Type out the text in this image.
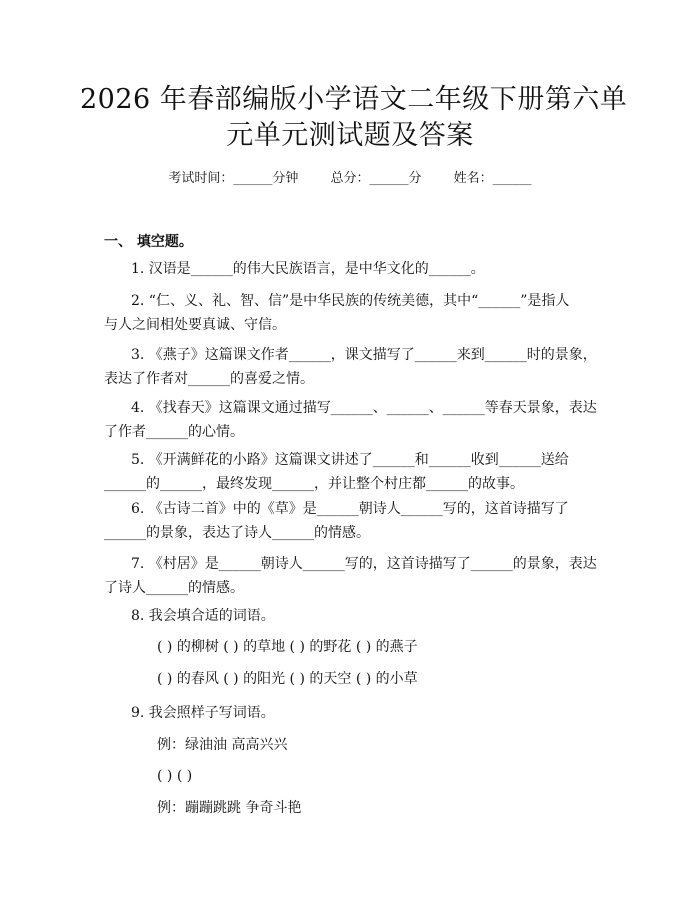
2026 年春部编版小学语文二年级下册第六单
元单元测试题及答案
考试时间：______分钟 总分：______分 姓名：______
一、 填空题。
1. 汉语是______的伟大民族语言，是中华文化的______。
2. “仁、义、礼、智、信”是中华民族的传统美德，其中“______”是指人
与人之间相处要真诚、守信。
3. 《燕子》这篇课文作者______，课文描写了______来到______时的景象，
表达了作者对______的喜爱之情。
4. 《找春天》这篇课文通过描写______、______、______等春天景象，表达
了作者______的心情。
5. 《开满鲜花的小路》这篇课文讲述了______和______收到______送给
______的______，最终发现______，并让整个村庄都______的故事。
6. 《古诗二首》中的《草》是______朝诗人______写的，这首诗描写了
______的景象，表达了诗人______的情感。
7. 《村居》是______朝诗人______写的，这首诗描写了______的景象，表达
了诗人______的情感。
8. 我会填合适的词语。
( ) 的柳树 ( ) 的草地 ( ) 的野花 ( ) 的燕子
( ) 的春风 ( ) 的阳光 ( ) 的天空 ( ) 的小草
9. 我会照样子写词语。
例：绿油油 高高兴兴
( ) ( )
例：蹦蹦跳跳 争奇斗艳
